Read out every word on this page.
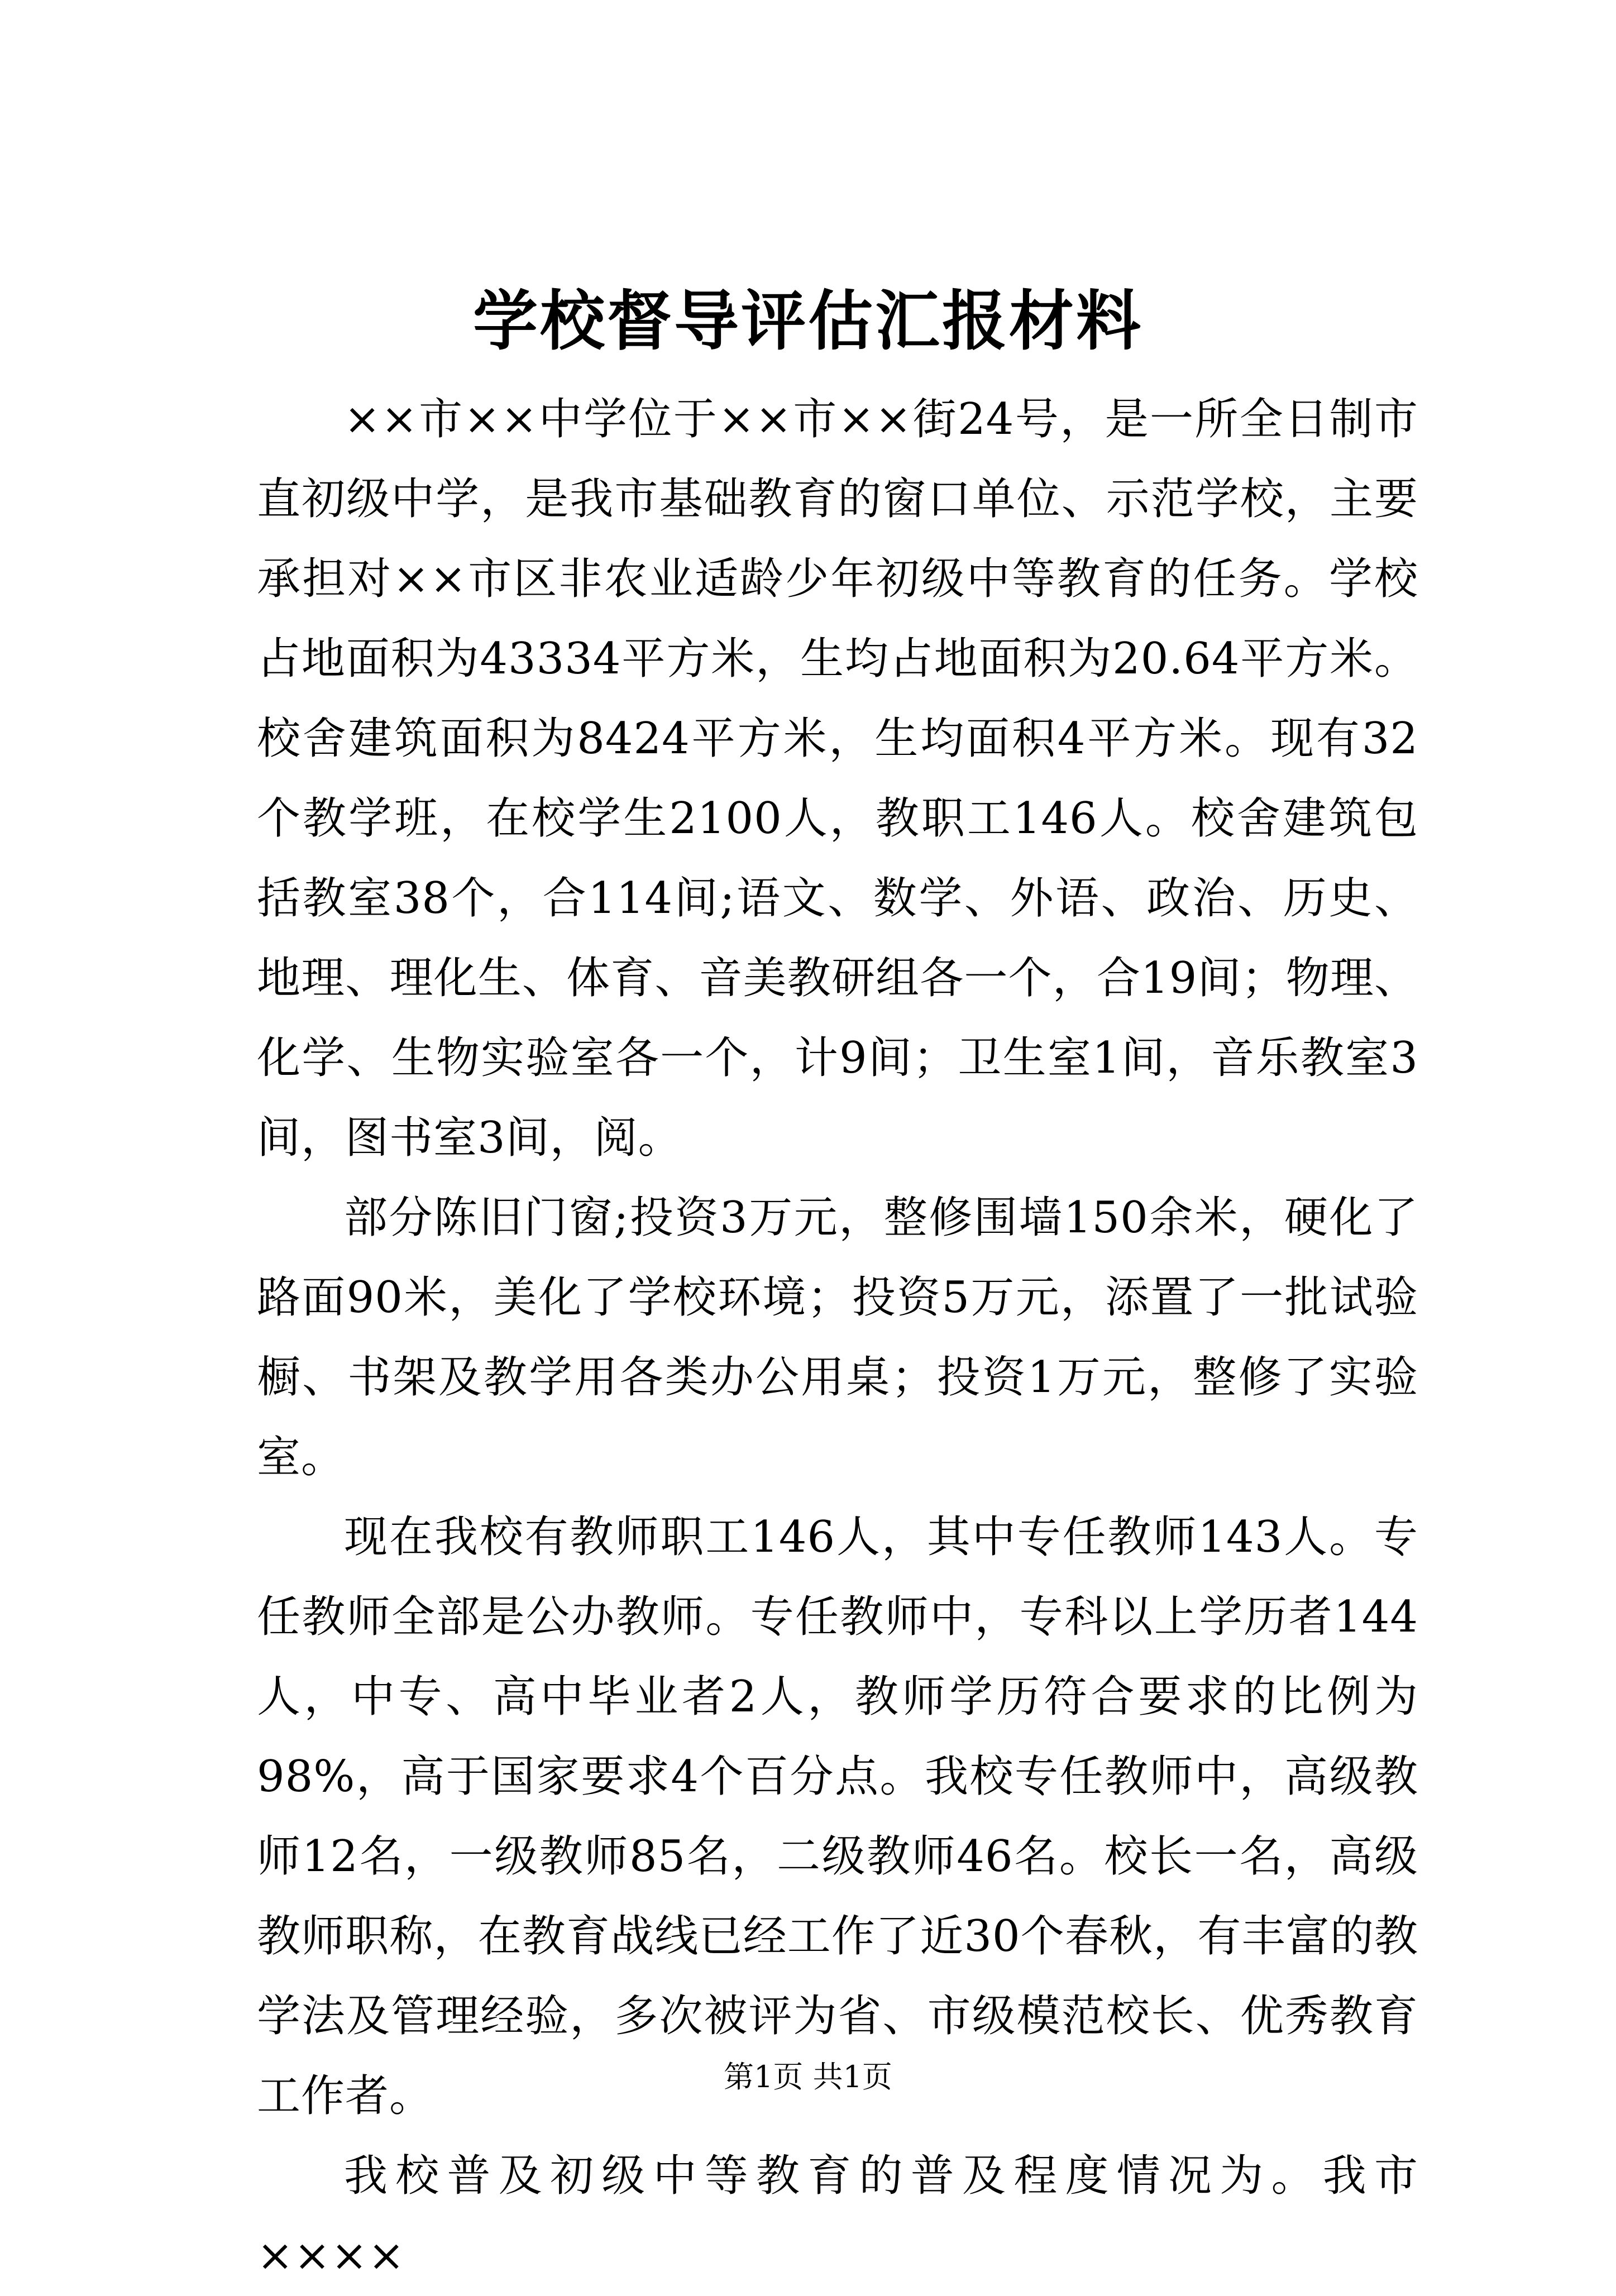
学校督导评估汇报材料

××市××中学位于××市××街24号，是一所全日制市直初级中学，是我市基础教育的窗口单位、示范学校，主要承担对××市区非农业适龄少年初级中等教育的任务。学校占地面积为43334平方米，生均占地面积为20.64平方米。校舍建筑面积为8424平方米，生均面积4平方米。现有32个教学班，在校学生2100人，教职工146人。校舍建筑包括教室38个，合114间;语文、数学、外语、政治、历史、地理、理化生、体育、音美教研组各一个，合19间；物理、化学、生物实验室各一个，计9间；卫生室1间，音乐教室3间，图书室3间，阅。

部分陈旧门窗;投资3万元，整修围墙150余米，硬化了路面90米，美化了学校环境；投资5万元，添置了一批试验橱、书架及教学用各类办公用桌；投资1万元，整修了实验室。

现在我校有教师职工146人，其中专任教师143人。专任教师全部是公办教师。专任教师中，专科以上学历者144人，中专、高中毕业者2人，教师学历符合要求的比例为98%，高于国家要求4个百分点。我校专任教师中，高级教师12名，一级教师85名，二级教师46名。校长一名，高级教师职称，在教育战线已经工作了近30个春秋，有丰富的教学法及管理经验，多次被评为省、市级模范校长、优秀教育工作者。

我校普及初级中等教育的普及程度情况为。我市××××

第1页 共1页
